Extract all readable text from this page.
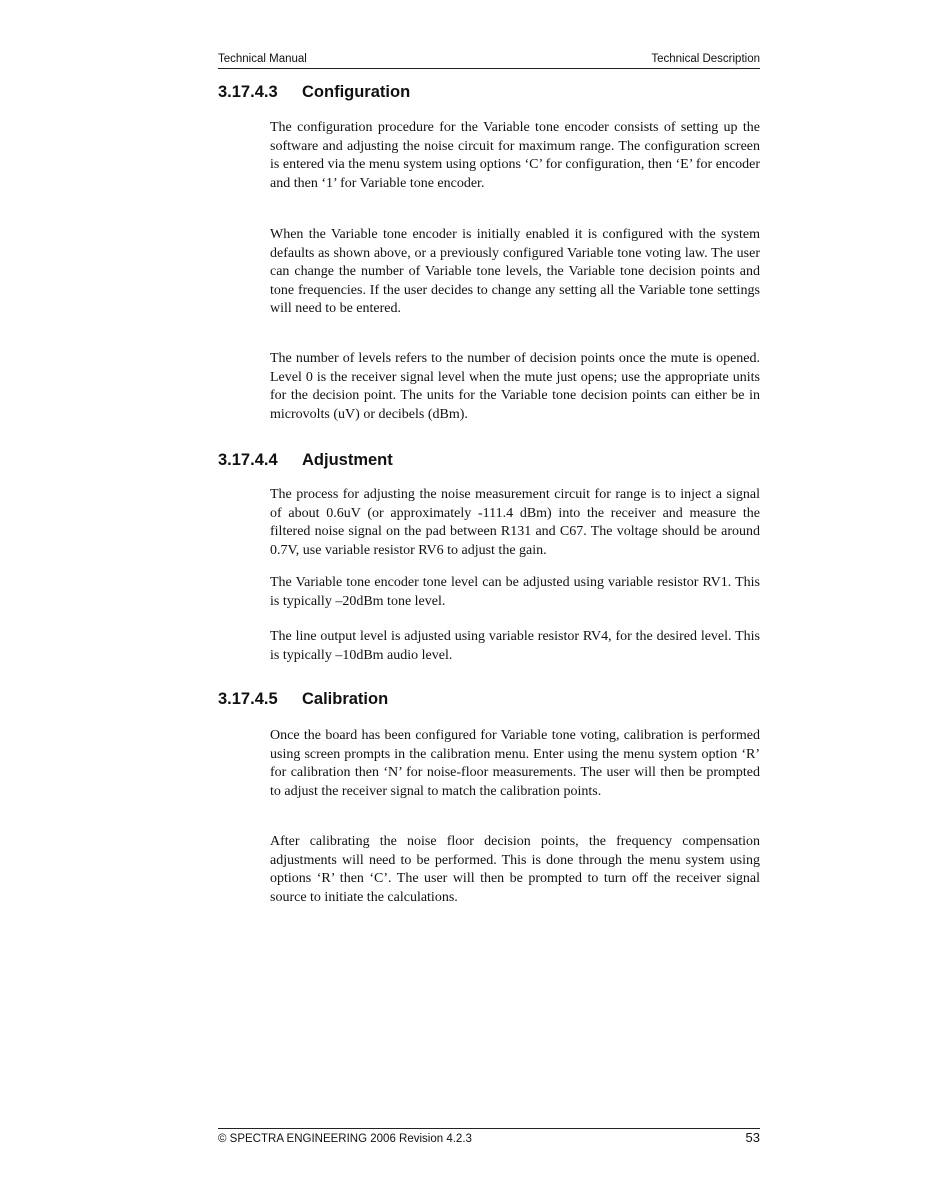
Technical Manual	Technical Description
3.17.4.3 Configuration

The configuration procedure for the Variable tone encoder consists of setting up the software and adjusting the noise circuit for maximum range. The configuration screen is entered via the menu system using options ‘C’ for configuration, then ‘E’ for encoder and then ‘1’ for Variable tone encoder.

When the Variable tone encoder is initially enabled it is configured with the system defaults as shown above, or a previously configured Variable tone voting law. The user can change the number of Variable tone levels, the Variable tone decision points and tone frequencies. If the user decides to change any setting all the Variable tone settings will need to be entered.

The number of levels refers to the number of decision points once the mute is opened. Level 0 is the receiver signal level when the mute just opens; use the appropriate units for the decision point. The units for the Variable tone decision points can either be in microvolts (uV) or decibels (dBm).

3.17.4.4 Adjustment

The process for adjusting the noise measurement circuit for range is to inject a signal of about 0.6uV (or approximately -111.4 dBm) into the receiver and measure the filtered noise signal on the pad between R131 and C67. The voltage should be around 0.7V, use variable resistor RV6 to adjust the gain.

The Variable tone encoder tone level can be adjusted using variable resistor RV1. This is typically –20dBm tone level.

The line output level is adjusted using variable resistor RV4, for the desired level. This is typically –10dBm audio level.

3.17.4.5 Calibration

Once the board has been configured for Variable tone voting, calibration is performed using screen prompts in the calibration menu. Enter using the menu system option ‘R’ for calibration then ‘N’ for noise-floor measurements. The user will then be prompted to adjust the receiver signal to match the calibration points.

After calibrating the noise floor decision points, the frequency compensation adjustments will need to be performed. This is done through the menu system using options ‘R’ then ‘C’. The user will then be prompted to turn off the receiver signal source to initiate the calculations.

© SPECTRA ENGINEERING 2006 Revision 4.2.3	53
